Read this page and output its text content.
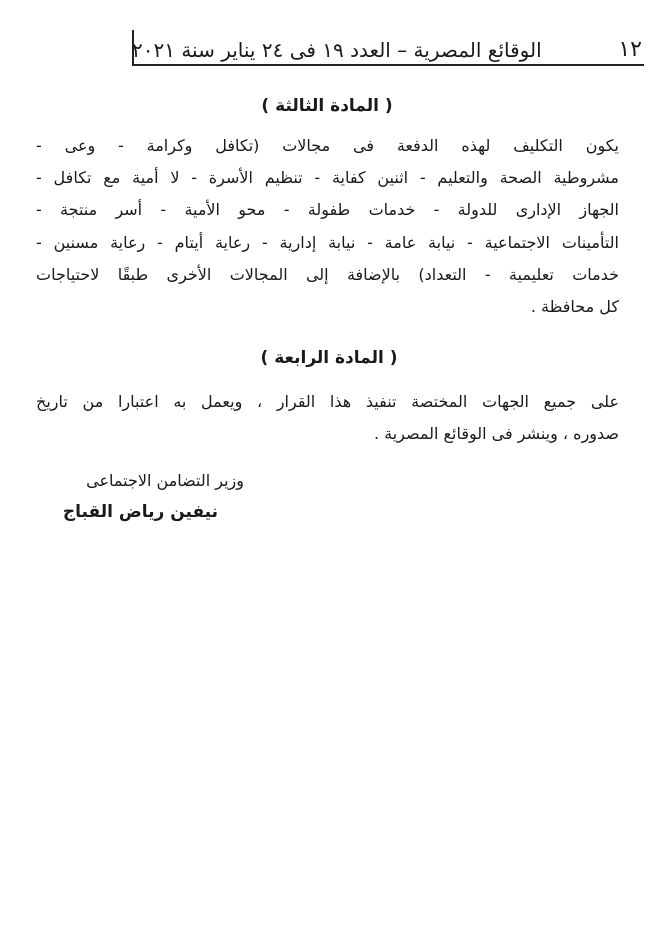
الوقائع المصرية – العدد ١٩ فى ٢٤ يناير سنة ٢٠٢١	١٢
( المادة الثالثة )
يكون التكليف لهذه الدفعة فى مجالات (تكافل وكرامة - وعى -
مشروطية الصحة والتعليم - اثنين كفاية - تنظيم الأسرة - لا أمية مع تكافل -
الجهاز الإدارى للدولة - خدمات طفولة - محو الأمية - أسر منتجة -
التأمينات الاجتماعية - نيابة عامة - نيابة إدارية - رعاية أيتام - رعاية مسنين -
خدمات تعليمية - التعداد) بالإضافة إلى المجالات الأخرى طبقًا لاحتياجات
كل محافظة .
( المادة الرابعة )
على جميع الجهات المختصة تنفيذ هذا القرار ، ويعمل به اعتبارا من تاريخ
صدوره ، وينشر فى الوقائع المصرية .
وزير التضامن الاجتماعى
نيفين رياض القباج
